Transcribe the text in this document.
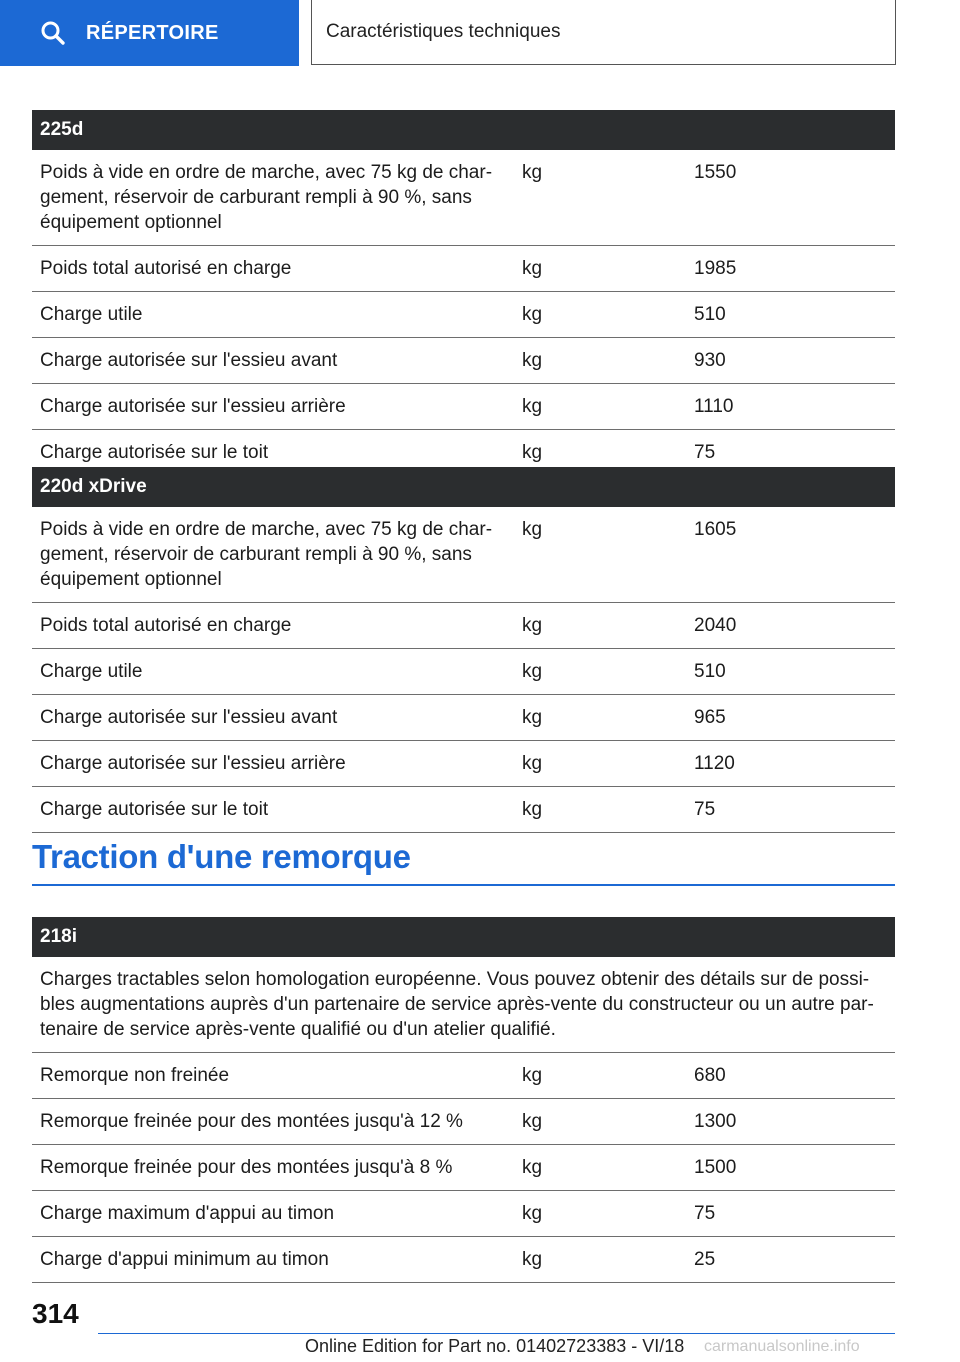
RÉPERTOIRE	Caractéristiques techniques
225d		
Poids à vide en ordre de marche, avec 75 kg de char-
gement, réservoir de carburant rempli à 90 %, sans
équipement optionnel	kg	1550
Poids total autorisé en charge	kg	1985
Charge utile	kg	510
Charge autorisée sur l'essieu avant	kg	930
Charge autorisée sur l'essieu arrière	kg	1110
Charge autorisée sur le toit	kg	75
220d xDrive		
Poids à vide en ordre de marche, avec 75 kg de char-
gement, réservoir de carburant rempli à 90 %, sans
équipement optionnel	kg	1605
Poids total autorisé en charge	kg	2040
Charge utile	kg	510
Charge autorisée sur l'essieu avant	kg	965
Charge autorisée sur l'essieu arrière	kg	1120
Charge autorisée sur le toit	kg	75
Traction d'une remorque
218i		
Charges tractables selon homologation européenne. Vous pouvez obtenir des détails sur de possi-
bles augmentations auprès d'un partenaire de service après-vente du constructeur ou un autre par-
tenaire de service après-vente qualifié ou d'un atelier qualifié.		
Remorque non freinée	kg	680
Remorque freinée pour des montées jusqu'à 12 %	kg	1300
Remorque freinée pour des montées jusqu'à 8 %	kg	1500
Charge maximum d'appui au timon	kg	75
Charge d'appui minimum au timon	kg	25
314
Online Edition for Part no. 01402723383 - VI/18 carmanualsonline.info
